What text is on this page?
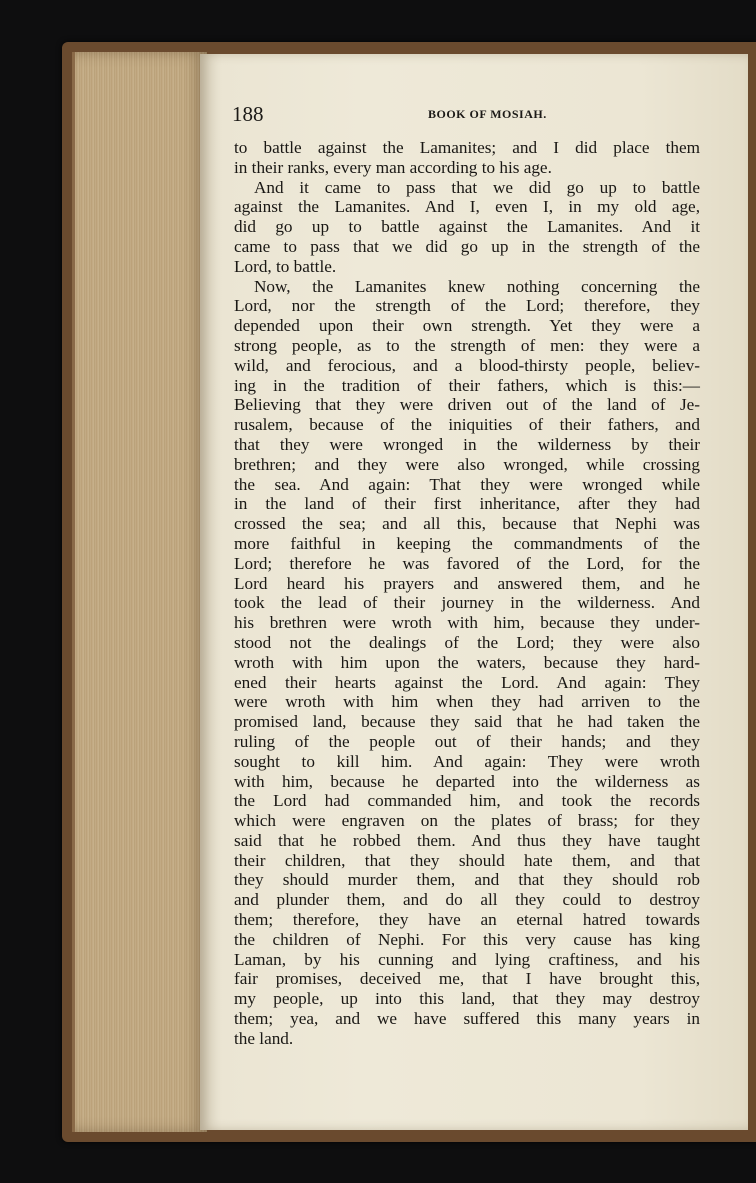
188	BOOK OF MOSIAH.
to battle against the Lamanites; and I did place them
in their ranks, every man according to his age.
And it came to pass that we did go up to battle
against the Lamanites. And I, even I, in my old age,
did go up to battle against the Lamanites. And it
came to pass that we did go up in the strength of the
Lord, to battle.
Now, the Lamanites knew nothing concerning the
Lord, nor the strength of the Lord; therefore, they
depended upon their own strength. Yet they were a
strong people, as to the strength of men: they were a
wild, and ferocious, and a blood-thirsty people, believ-
ing in the tradition of their fathers, which is this:—
Believing that they were driven out of the land of Je-
rusalem, because of the iniquities of their fathers, and
that they were wronged in the wilderness by their
brethren; and they were also wronged, while crossing
the sea. And again: That they were wronged while
in the land of their first inheritance, after they had
crossed the sea; and all this, because that Nephi was
more faithful in keeping the commandments of the
Lord; therefore he was favored of the Lord, for the
Lord heard his prayers and answered them, and he
took the lead of their journey in the wilderness. And
his brethren were wroth with him, because they under-
stood not the dealings of the Lord; they were also
wroth with him upon the waters, because they hard-
ened their hearts against the Lord. And again: They
were wroth with him when they had arriven to the
promised land, because they said that he had taken the
ruling of the people out of their hands; and they
sought to kill him. And again: They were wroth
with him, because he departed into the wilderness as
the Lord had commanded him, and took the records
which were engraven on the plates of brass; for they
said that he robbed them. And thus they have taught
their children, that they should hate them, and that
they should murder them, and that they should rob
and plunder them, and do all they could to destroy
them; therefore, they have an eternal hatred towards
the children of Nephi. For this very cause has king
Laman, by his cunning and lying craftiness, and his
fair promises, deceived me, that I have brought this,
my people, up into this land, that they may destroy
them; yea, and we have suffered this many years in
the land.
